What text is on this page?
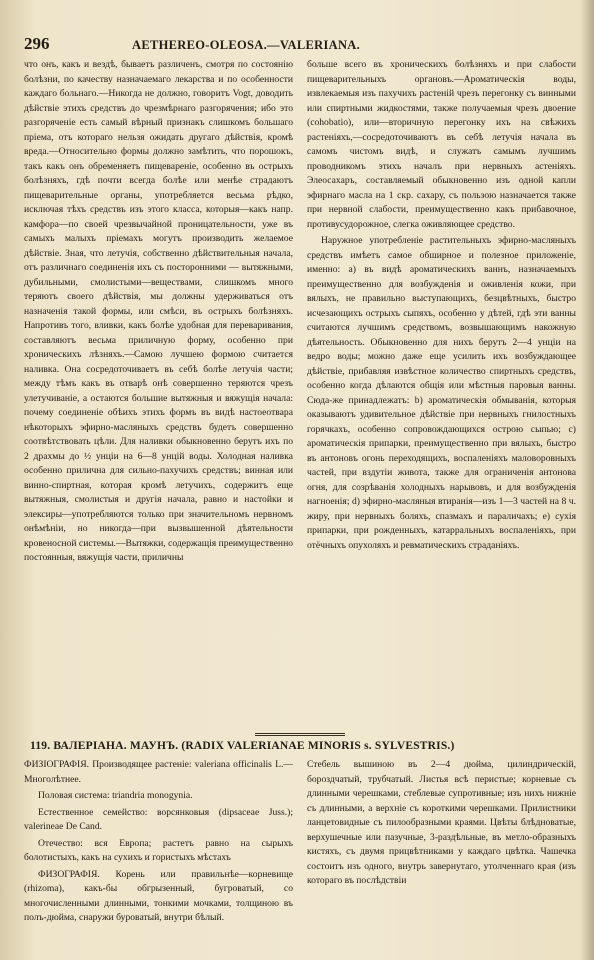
296	AETHEREO-OLEOSA.—VALERIANA.

что онъ, какъ и вездѣ, бываетъ различенъ, смотря по состоянію болѣзни, по качеству назначаемаго лекарства и по особенности каждаго больнаго.—Никогда не должно, говоритъ Vogt, доводить дѣйствіе этихъ средствъ до чрезмѣрнаго разгорячения; ибо это разгоряченіе есть самый вѣрный признакъ слишкомъ большаго пріема, отъ котораго нельзя ожидать другаго дѣйствія, кромѣ вреда.—Относительно формы должно замѣтить, что порошокъ, такъ какъ онъ обременяетъ пищевареніе, особенно въ острыхъ болѣзняхъ, гдѣ почти всегда болѣе или менѣе страдаютъ пищеварительные органы, употребляется весьма рѣдко, исключая тѣхъ средствъ изъ этого класса, которыя—какъ напр. камфора—по своей чрезвычайной проницательности, уже въ самыхъ малыхъ пріемахъ могутъ производить желаемое дѣйствіе. Зная, что летучія, собственно дѣйствительныя начала, отъ различнаго соединенія ихъ съ посторонними — вытяжными, дубильными, смолистыми—веществами, слишкомъ много теряютъ своего дѣйствія, мы должны удерживаться отъ назначенія такой формы, или смѣси, въ острыхъ болѣзняхъ. Напротивъ того, вливки, какъ болѣе удобная для переваривания, составляютъ весьма приличную форму, особенно при хроническихъ лѣзняхъ.—Самою лучшею формою считается наливка. Она сосредоточиваетъ въ себѣ болѣе летучія части; между тѣмъ какъ въ отварѣ онѣ совершенно теряются чрезъ улетучиваніе, а остаются большие вытяжныя и вяжущія начала: почему соединеніе обѣихъ этихъ формъ въ видѣ настоеотвара нѣкоторыхъ эфирно-масляныхъ средствъ будетъ совершенно соотвѣтствовать цѣли. Для наливки обыкновенно берутъ ихъ по 2 драхмы до ½ унціи на 6—8 унцій воды. Холодная наливка особенно прилична для сильно-пахучихъ средствъ; винная или винно-спиртная, которая кромѣ летучихъ, содержитъ еще вытяжныя, смолистыя и другія начала, равно и настойки и элексиры—употребляются только при значительномъ нервномъ онѣмѣніи, но никогда—при вызвышенной дѣятельности кровеносной системы.—Вытяжки, содержащія преимущественно постоянныя, вяжущія части, приличны

больше всего въ хроническихъ болѣзняхъ и при слабости пищеварительныхъ органовъ.—Ароматическія воды, извлекаемыя изъ пахучихъ растеній чрезъ перегонку съ винными или спиртными жидкостями, также получаемыя чрезъ двоение (cohobatio), или—вторичную перегонку ихъ на свѣжихъ растеніяхъ,—сосредоточиваютъ въ себѣ летучія начала въ самомъ чистомъ видѣ, и служатъ самымъ лучшимъ проводникомъ этихъ началъ при нервныхъ астеніяхъ. Элеосахаръ, составляемый обыкновенно изъ одной капли эфирнаго масла на 1 скр. сахару, съ пользою назначается также при нервной слабости, преимущественно какъ прибавочное, противусудорожное, слегка оживляющее средство.

Наружное употребленіе растительныхъ эфирно-масляныхъ средствъ имѣетъ самое обширное и полезное приложеніе, именно: а) въ видѣ ароматическихъ ваннъ, назначаемыхъ преимущественно для возбужденія и оживленія кожи, при вялыхъ, не правильно выступающихъ, безцвѣтныхъ, быстро исчезающихъ острыхъ сыпяхъ, особенно у дѣтей, гдѣ эти ванны считаются лучшимъ средствомъ, возвышающимъ накожную дѣятельность. Обыкновенно для нихъ берутъ 2—4 унціи на ведро воды; можно даже еще усилить ихъ возбуждающее дѣйствіе, прибавляя извѣстное количество спиртныхъ средствъ, особенно когда дѣлаются общія или мѣстныя паровыя ванны. Сюда-же принадлежатъ: b) ароматическія обмыванія, которыя оказываютъ удивительное дѣйствіе при нервныхъ гнилостныхъ горячкахъ, особенно сопровождающихся острою сыпью; с) ароматическія припарки, преимущественно при вялыхъ, быстро въ антоновъ огонь переходящихъ, воспаленіяхъ маловоровныхъ частей, при вздутіи живота, также для ограниченія антонова огня, для созрѣванія холодныхъ нарывовъ, и для возбужденія нагноенія; d) эфирно-масляныя втиранія—изъ 1—3 частей на 8 ч. жиру, при нервныхъ боляхъ, спазмахъ и параличахъ; е) сухія припарки, при рожденныхъ, катарральныхъ воспаленіяхъ, при отёчныхъ опухоляхъ и ревматическихъ страданіяхъ.

119. ВАЛЕРІАНА. МАУНЪ. (RADIX VALERIANAE MINORIS s. SYLVESTRIS.)

ФИЗІОГРАФІЯ. Производящее растеніе: valeriana officinalis L.—Многолѣтнее.

Половая система: triandria monogynia.

Естественное семейство: ворсянковыя (dipsaceae Juss.); valerineae De Cand.

Отечество: вся Европа; растетъ равно на сырыхъ болотистыхъ, какъ на сухихъ и гористыхъ мѣстахъ

ФИЗОГРАФІЯ. Корень или правильнѣе—корневище (rhizoma), какъ-бы обгрызенный, бугроватый, со многочисленными длинными, тонкими мочками, толщиною въ полъ-дюйма, снаружи буроватый, внутри бѣлый.

Стебель вышиною въ 2—4 дюйма, цилиндрическій, бороздчатый, трубчатый. Листья всѣ перистые; корневые съ длинными черешками, стеблевые супротивные; изъ нихъ нижніе съ длинными, а верхніе съ короткими черешками. Прилистники ланцетовидные съ пилообразными краями. Цвѣты блѣдноватые, верхушечные или пазучные, 3-раздѣльные, въ метло-образныхъ кистяхъ, съ двумя прицвѣтниками у каждаго цвѣтка. Чашечка состоитъ изъ одного, внутрь завернутаго, утолченнаго края (изъ котораго въ послѣдствіи
